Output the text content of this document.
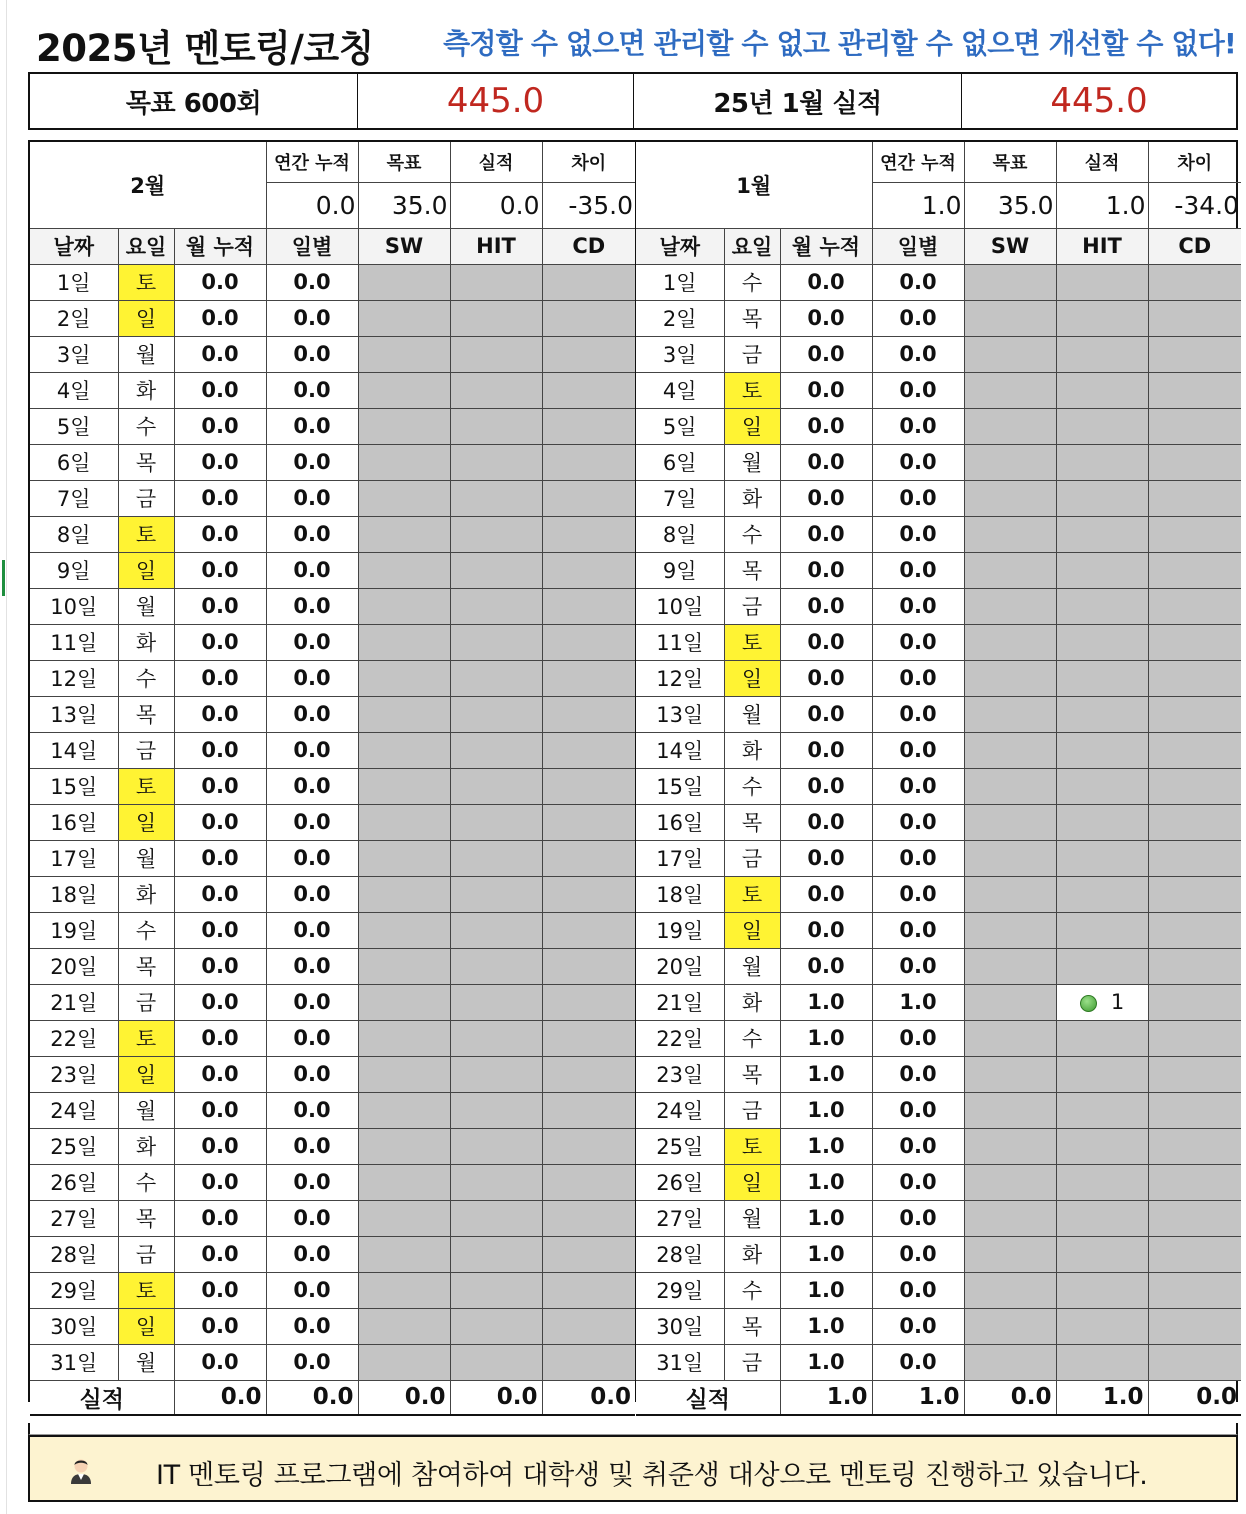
2025년 멘토링/코칭 측정할 수 없으면 관리할 수 없고 관리할 수 없으면 개선할 수 없다!
목표 600회	445.0	25년 1월 실적	445.0
2월			연간 누적	목표	실적	차이
			0.0	35.0	0.0	-35.0
날짜	요일	월 누적	일별	SW	HIT	CD
1일	토	0.0	0.0			
2일	일	0.0	0.0			
3일	월	0.0	0.0			
4일	화	0.0	0.0			
5일	수	0.0	0.0			
6일	목	0.0	0.0			
7일	금	0.0	0.0			
8일	토	0.0	0.0			
9일	일	0.0	0.0			
10일	월	0.0	0.0			
11일	화	0.0	0.0			
12일	수	0.0	0.0			
13일	목	0.0	0.0			
14일	금	0.0	0.0			
15일	토	0.0	0.0			
16일	일	0.0	0.0			
17일	월	0.0	0.0			
18일	화	0.0	0.0			
19일	수	0.0	0.0			
20일	목	0.0	0.0			
21일	금	0.0	0.0			
22일	토	0.0	0.0			
23일	일	0.0	0.0			
24일	월	0.0	0.0			
25일	화	0.0	0.0			
26일	수	0.0	0.0			
27일	목	0.0	0.0			
28일	금	0.0	0.0			
29일	토	0.0	0.0			
30일	일	0.0	0.0			
31일	월	0.0	0.0			
실적		0.0	0.0	0.0	0.0	0.0
1월			연간 누적	목표	실적	차이
			1.0	35.0	1.0	-34.0
날짜	요일	월 누적	일별	SW	HIT	CD
1일	수	0.0	0.0			
2일	목	0.0	0.0			
3일	금	0.0	0.0			
4일	토	0.0	0.0			
5일	일	0.0	0.0			
6일	월	0.0	0.0			
7일	화	0.0	0.0			
8일	수	0.0	0.0			
9일	목	0.0	0.0			
10일	금	0.0	0.0			
11일	토	0.0	0.0			
12일	일	0.0	0.0			
13일	월	0.0	0.0			
14일	화	0.0	0.0			
15일	수	0.0	0.0			
16일	목	0.0	0.0			
17일	금	0.0	0.0			
18일	토	0.0	0.0			
19일	일	0.0	0.0			
20일	월	0.0	0.0			
21일	화	1.0	1.0		1	
22일	수	1.0	0.0			
23일	목	1.0	0.0			
24일	금	1.0	0.0			
25일	토	1.0	0.0			
26일	일	1.0	0.0			
27일	월	1.0	0.0			
28일	화	1.0	0.0			
29일	수	1.0	0.0			
30일	목	1.0	0.0			
31일	금	1.0	0.0			
실적		1.0	1.0	0.0	1.0	0.0
IT 멘토링 프로그램에 참여하여 대학생 및 취준생 대상으로 멘토링 진행하고 있습니다.
